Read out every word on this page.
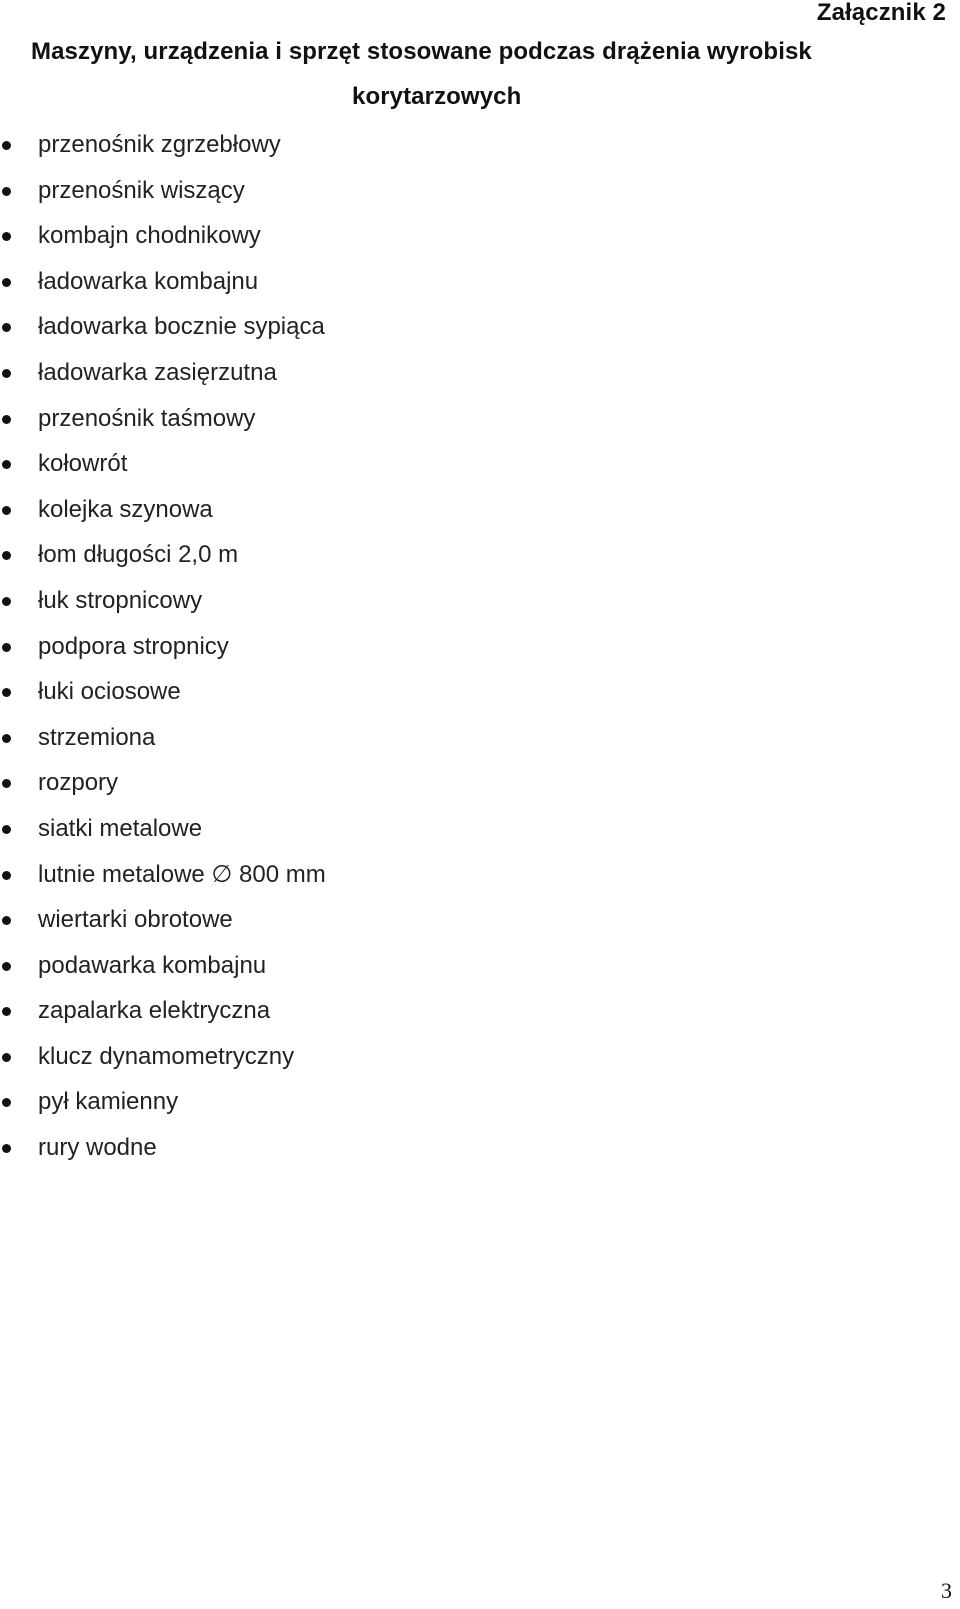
Załącznik 2
Maszyny, urządzenia i sprzęt stosowane podczas drążenia wyrobisk
korytarzowych
przenośnik zgrzebłowy
przenośnik wiszący
kombajn chodnikowy
ładowarka kombajnu
ładowarka bocznie sypiąca
ładowarka zasięrzutna
przenośnik taśmowy
kołowrót
kolejka szynowa
łom długości 2,0 m
łuk stropnicowy
podpora stropnicy
łuki ociosowe
strzemiona
rozpory
siatki metalowe
lutnie metalowe ∅ 800 mm
wiertarki obrotowe
podawarka kombajnu
zapalarka elektryczna
klucz dynamometryczny
pył kamienny
rury wodne
3
